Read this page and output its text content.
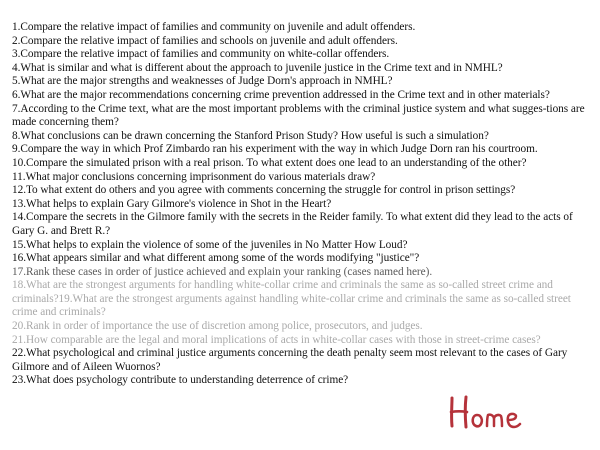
1.Compare the relative impact of families and community on juvenile and adult offenders.
2.Compare the relative impact of families and schools on juvenile and adult offenders.
3.Compare the relative impact of families and community on white-collar offenders.
4.What is similar and what is different about the approach to juvenile justice in the Crime text and in NMHL?
5.What are the major strengths and weaknesses of Judge Dorn's approach in NMHL?
6.What are the major recommendations concerning crime prevention addressed in the Crime text and in other materials?
7.According to the Crime text, what are the most important problems with the criminal justice system and what sugges-tions are made concerning them?
8.What conclusions can be drawn concerning the Stanford Prison Study? How useful is such a simulation?
9.Compare the way in which Prof Zimbardo ran his experiment with the way in which Judge Dorn ran his courtroom.
10.Compare the simulated prison with a real prison. To what extent does one lead to an understanding of the other?
11.What major conclusions concerning imprisonment do various materials draw?
12.To what extent do others and you agree with comments concerning the struggle for control in prison settings?
13.What helps to explain Gary Gilmore's violence in Shot in the Heart?
14.Compare the secrets in the Gilmore family with the secrets in the Reider family. To what extent did they lead to the acts of Gary G. and Brett R.?
15.What helps to explain the violence of some of the juveniles in No Matter How Loud?
16.What appears similar and what different among some of the words modifying "justice"?
17.Rank these cases in order of justice achieved and explain your ranking (cases named here).
18.What are the strongest arguments for handling white-collar crime and criminals the same as so-called street crime and criminals?19.What are the strongest arguments against handling white-collar crime and criminals the same as so-called street crime and criminals?
20.Rank in order of importance the use of discretion among police, prosecutors, and judges.
21.How comparable are the legal and moral implications of acts in white-collar cases with those in street-crime cases?
22.What psychological and criminal justice arguments concerning the death penalty seem most relevant to the cases of Gary Gilmore and of Aileen Wuornos?
23.What does psychology contribute to understanding deterrence of crime?
